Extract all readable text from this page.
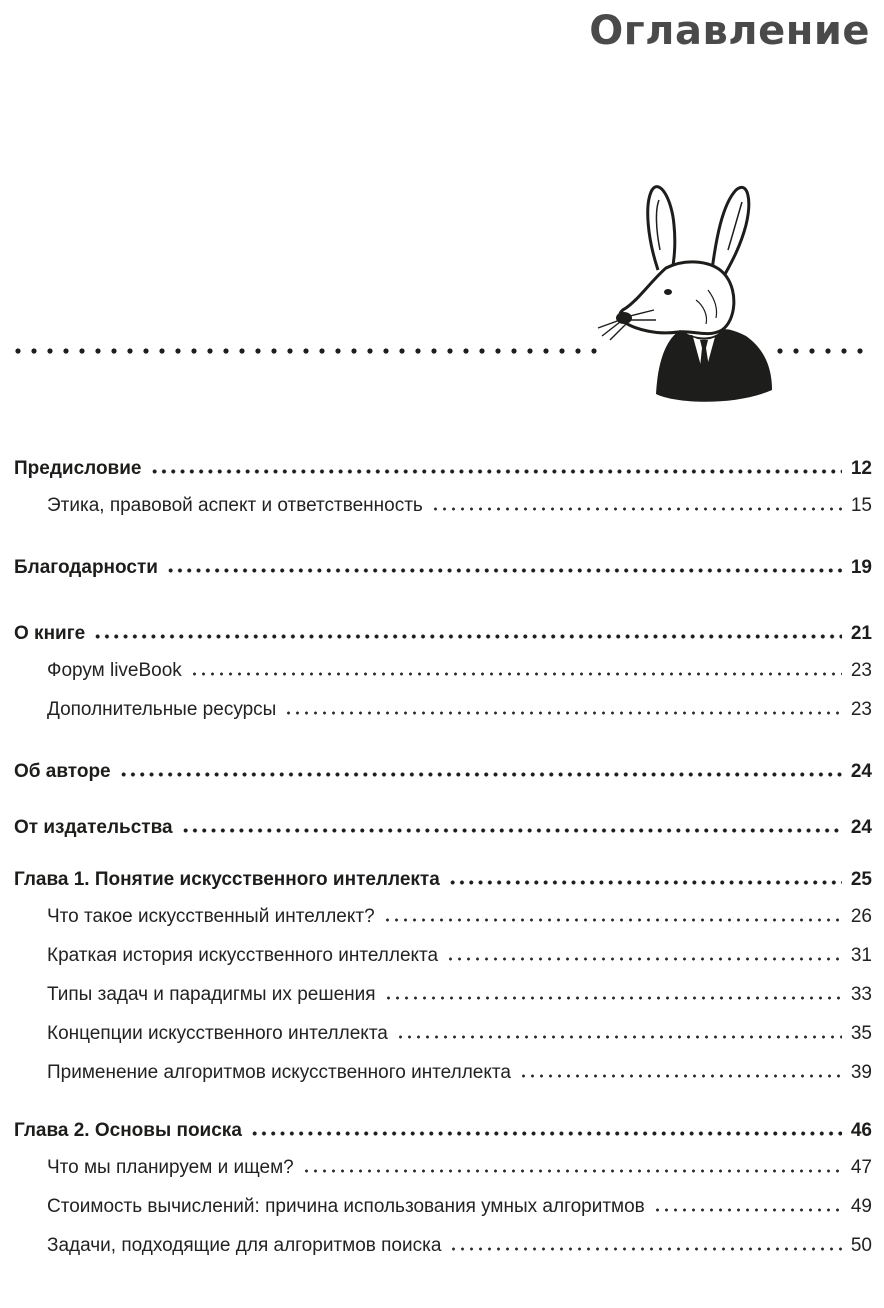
Оглавление
Предисловие	12
Этика, правовой аспект и ответственность	15
Благодарности	19
О книге	21
Форум liveBook	23
Дополнительные ресурсы	23
Об авторе	24
От издательства	24
Глава 1. Понятие искусственного интеллекта	25
Что такое искусственный интеллект?	26
Краткая история искусственного интеллекта	31
Типы задач и парадигмы их решения	33
Концепции искусственного интеллекта	35
Применение алгоритмов искусственного интеллекта	39
Глава 2. Основы поиска	46
Что мы планируем и ищем?	47
Стоимость вычислений: причина использования умных алгоритмов	49
Задачи, подходящие для алгоритмов поиска	50
